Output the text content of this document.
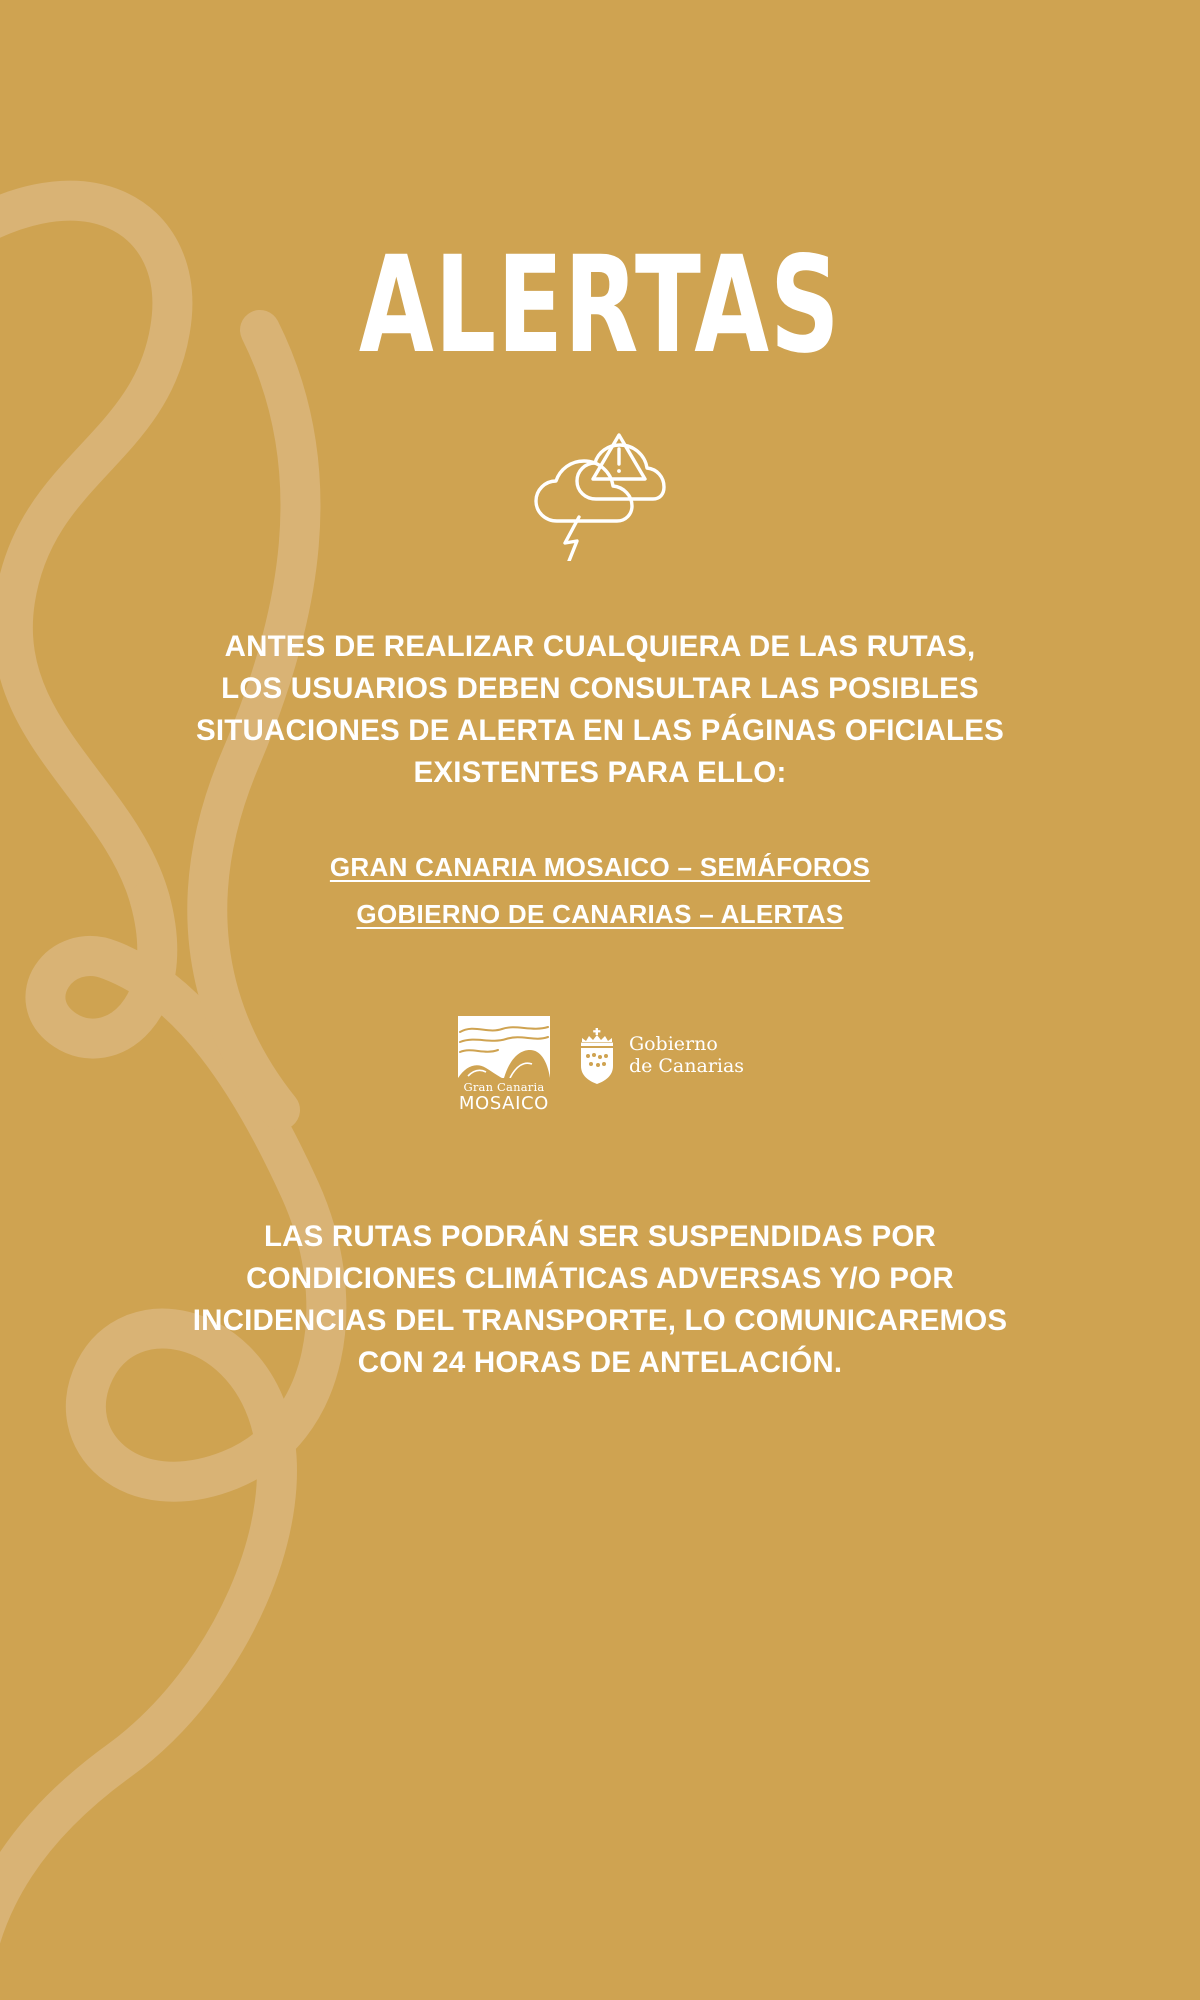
ALERTAS

ANTES DE REALIZAR CUALQUIERA DE LAS RUTAS, LOS USUARIOS DEBEN CONSULTAR LAS POSIBLES SITUACIONES DE ALERTA EN LAS PÁGINAS OFICIALES EXISTENTES PARA ELLO:

GRAN CANARIA MOSAICO – SEMÁFOROS
GOBIERNO DE CANARIAS – ALERTAS
Gran Canaria
MOSAICO
Gobierno
de Canarias

LAS RUTAS PODRÁN SER SUSPENDIDAS POR CONDICIONES CLIMÁTICAS ADVERSAS Y/O POR INCIDENCIAS DEL TRANSPORTE, LO COMUNICAREMOS CON 24 HORAS DE ANTELACIÓN.
